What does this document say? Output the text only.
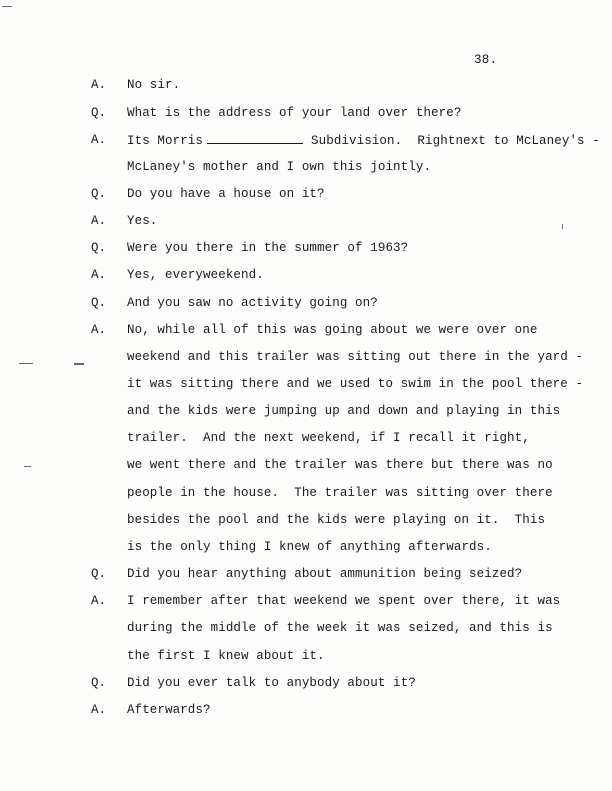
38.
A. No sir.
Q. What is the address of your land over there?
A. Its Morris	Subdivision.  Rightnext to McLaney's -
McLaney's mother and I own this jointly.
Q. Do you have a house on it?
A. Yes.
Q. Were you there in the summer of 1963?
A. Yes, everyweekend.
Q. And you saw no activity going on?
A. No, while all of this was going about we were over one
weekend and this trailer was sitting out there in the yard -
it was sitting there and we used to swim in the pool there -
and the kids were jumping up and down and playing in this
trailer.  And the next weekend, if I recall it right,
we went there and the trailer was there but there was no
people in the house.  The trailer was sitting over there
besides the pool and the kids were playing on it.  This
is the only thing I knew of anything afterwards.
Q. Did you hear anything about ammunition being seized?
A. I remember after that weekend we spent over there, it was
during the middle of the week it was seized, and this is
the first I knew about it.
Q. Did you ever talk to anybody about it?
A. Afterwards?
